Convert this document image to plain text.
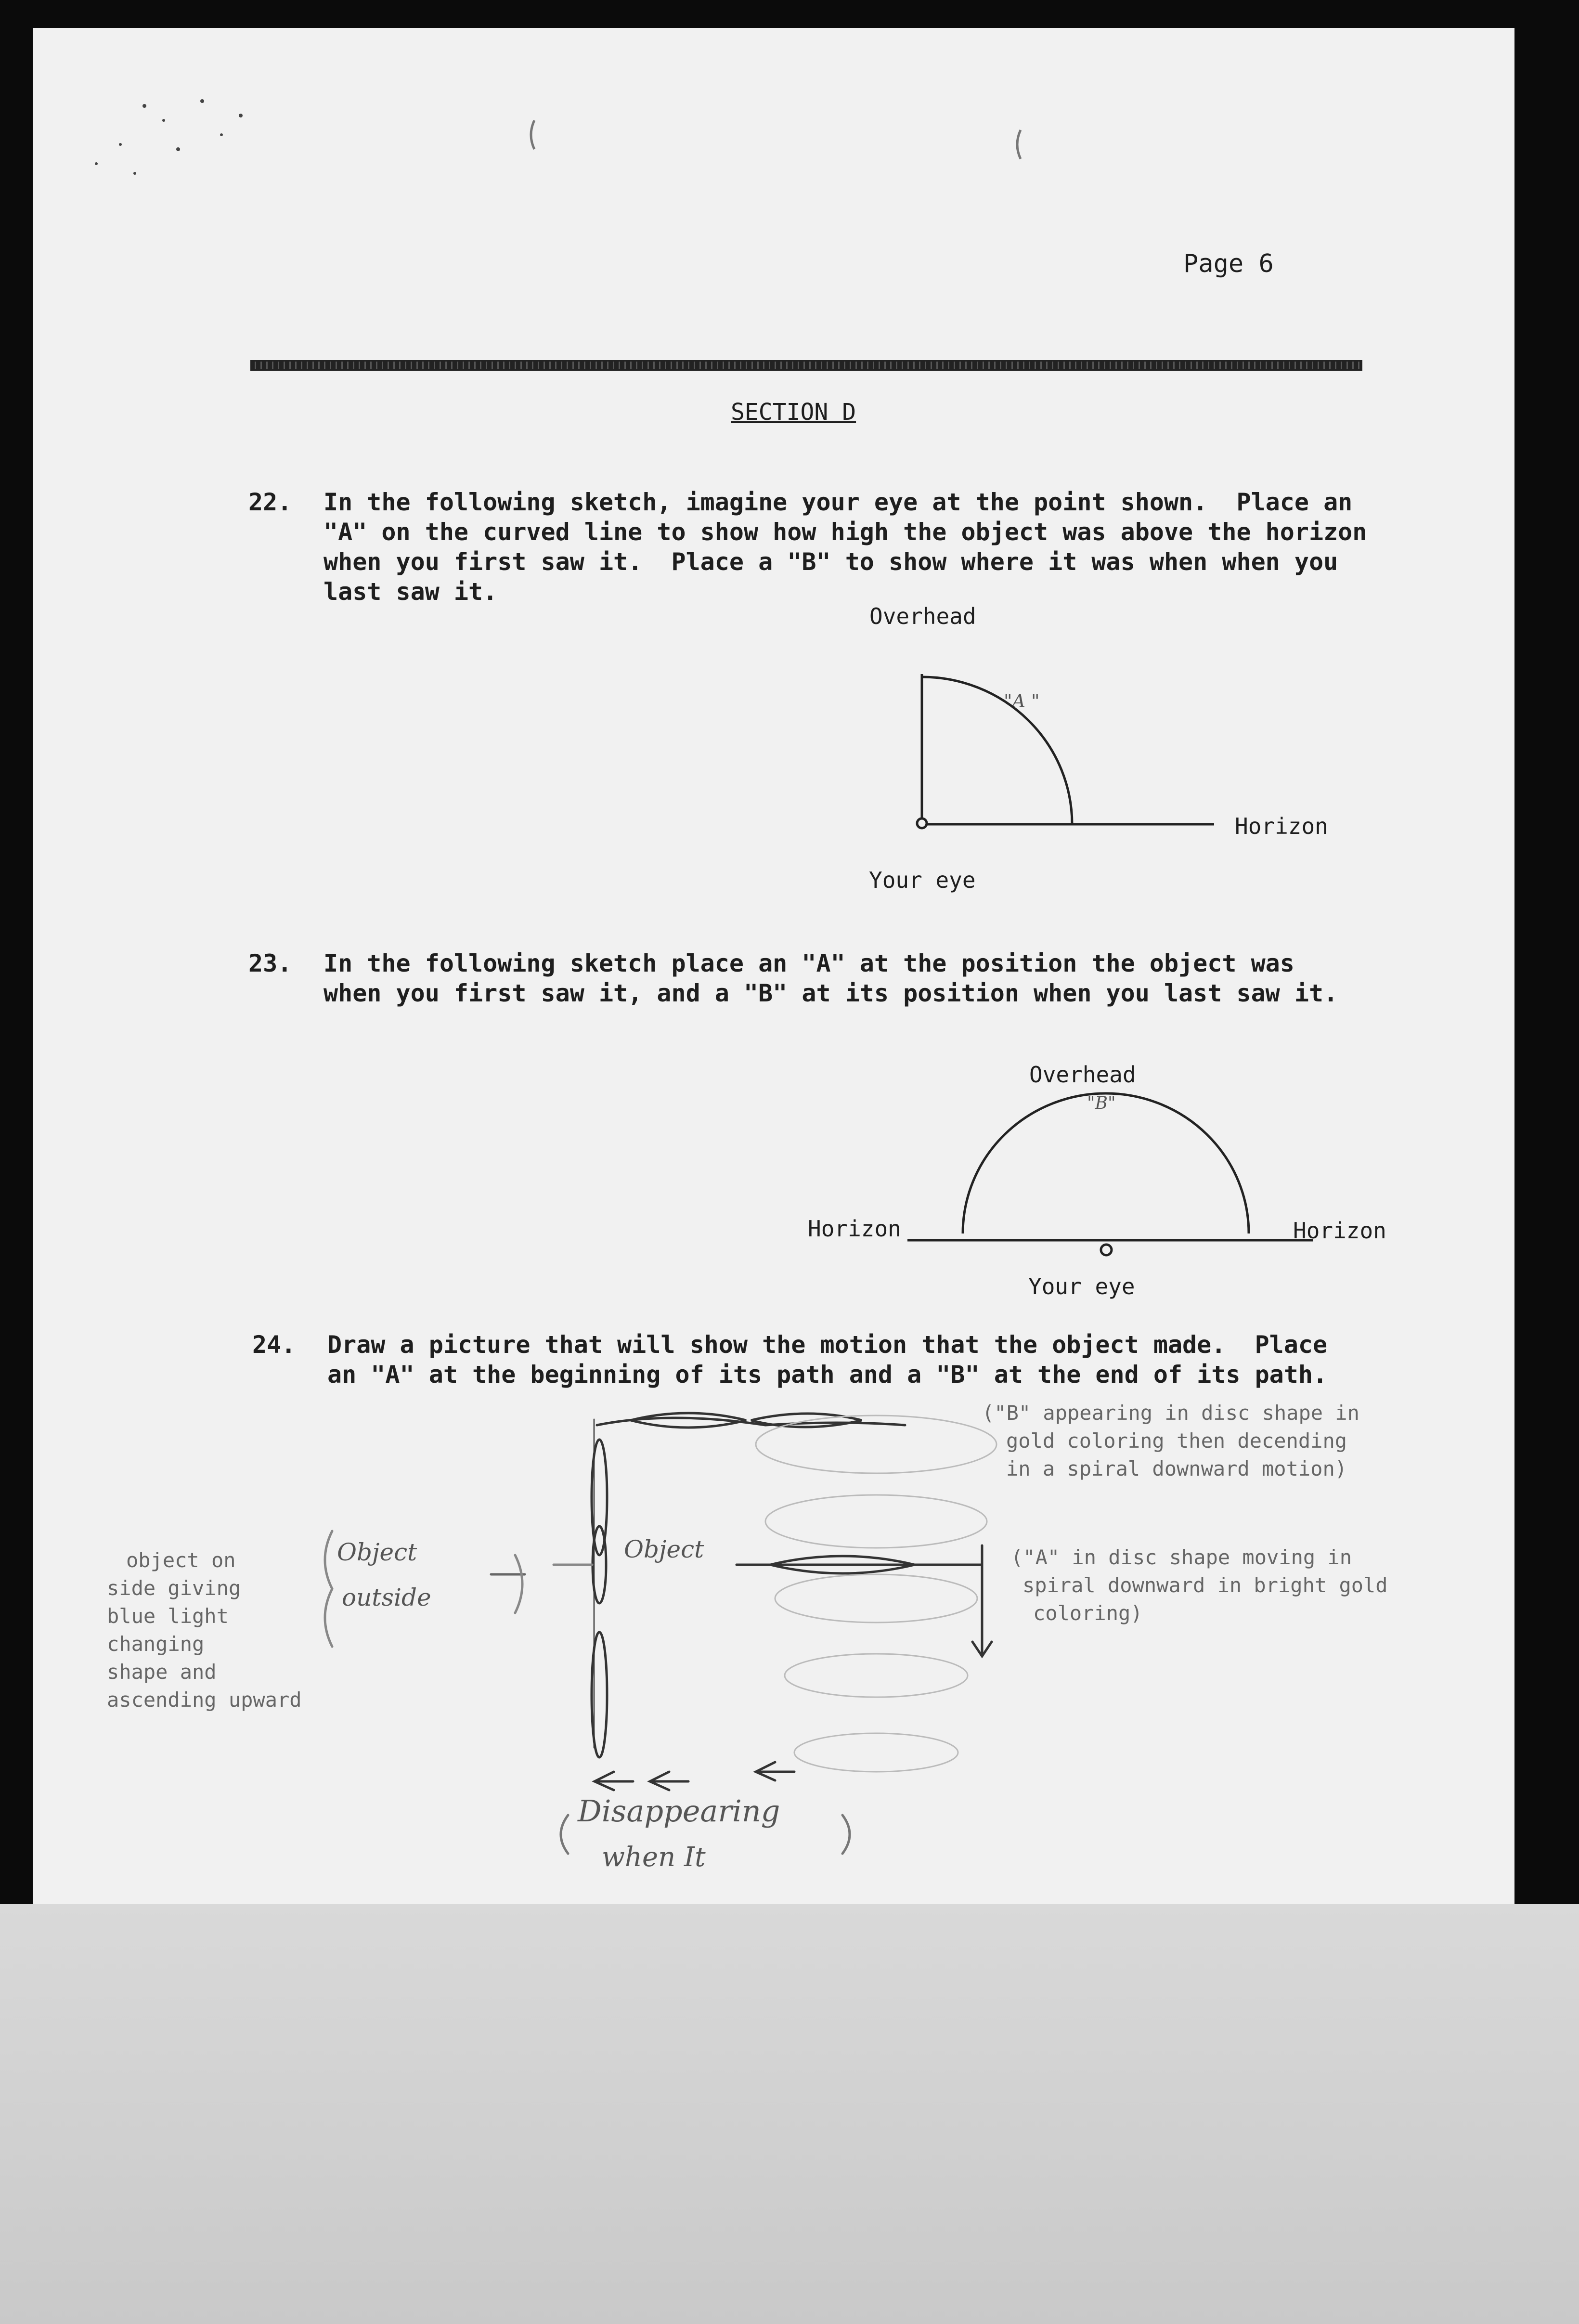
Page 6
SECTION D
22. In the following sketch, imagine your eye at the point shown.  Place an
"A" on the curved line to show how high the object was above the horizon
when you first saw it.  Place a "B" to show where it was when when you
last saw it.
Overhead
Horizon
Your eye
"A "
23. In the following sketch place an "A" at the position the object was
when you first saw it, and a "B" at its position when you last saw it.
Overhead
"B"
Horizon	Horizon
Your eye
24. Draw a picture that will show the motion that the object made.  Place
an "A" at the beginning of its path and a "B" at the end of its path.
("B" appearing in disc shape in
gold coloring then decending
in a spiral downward motion)
("A" in disc shape moving in
spiral downward in bright gold
coloring)
object on
side giving
blue light
changing
shape and
ascending upward
Object
outside
Object
Disappearing
when It
